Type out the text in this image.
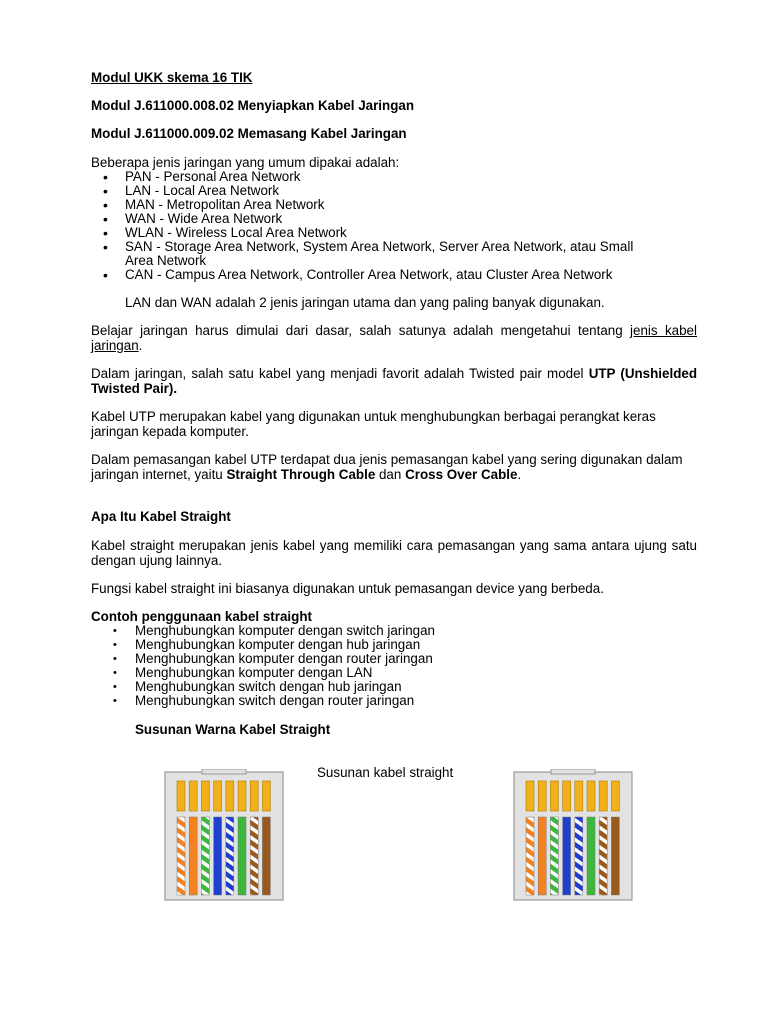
Modul UKK skema 16 TIK

Modul J.611000.008.02 Menyiapkan Kabel Jaringan

Modul J.611000.009.02 Memasang Kabel Jaringan

Beberapa jenis jaringan yang umum dipakai adalah:

• PAN - Personal Area Network
• LAN - Local Area Network
• MAN - Metropolitan Area Network
• WAN - Wide Area Network
• WLAN - Wireless Local Area Network
• SAN - Storage Area Network, System Area Network, Server Area Network, atau Small Area Network
• CAN - Campus Area Network, Controller Area Network, atau Cluster Area Network

LAN dan WAN adalah 2 jenis jaringan utama dan yang paling banyak digunakan.

Belajar jaringan harus dimulai dari dasar, salah satunya adalah mengetahui tentang jenis kabel jaringan.

Dalam jaringan, salah satu kabel yang menjadi favorit adalah Twisted pair model UTP (Unshielded Twisted Pair).

Kabel UTP merupakan kabel yang digunakan untuk menghubungkan berbagai perangkat keras jaringan kepada komputer.

Dalam pemasangan kabel UTP terdapat dua jenis pemasangan kabel yang sering digunakan dalam jaringan internet, yaitu Straight Through Cable dan Cross Over Cable.

Apa Itu Kabel Straight

Kabel straight merupakan jenis kabel yang memiliki cara pemasangan yang sama antara ujung satu dengan ujung lainnya.

Fungsi kabel straight ini biasanya digunakan untuk pemasangan device yang berbeda.

Contoh penggunaan kabel straight

• Menghubungkan komputer dengan switch jaringan
• Menghubungkan komputer dengan hub jaringan
• Menghubungkan komputer dengan router jaringan
• Menghubungkan komputer dengan LAN
• Menghubungkan switch dengan hub jaringan
• Menghubungkan switch dengan router jaringan

Susunan Warna Kabel Straight

Susunan kabel straight
